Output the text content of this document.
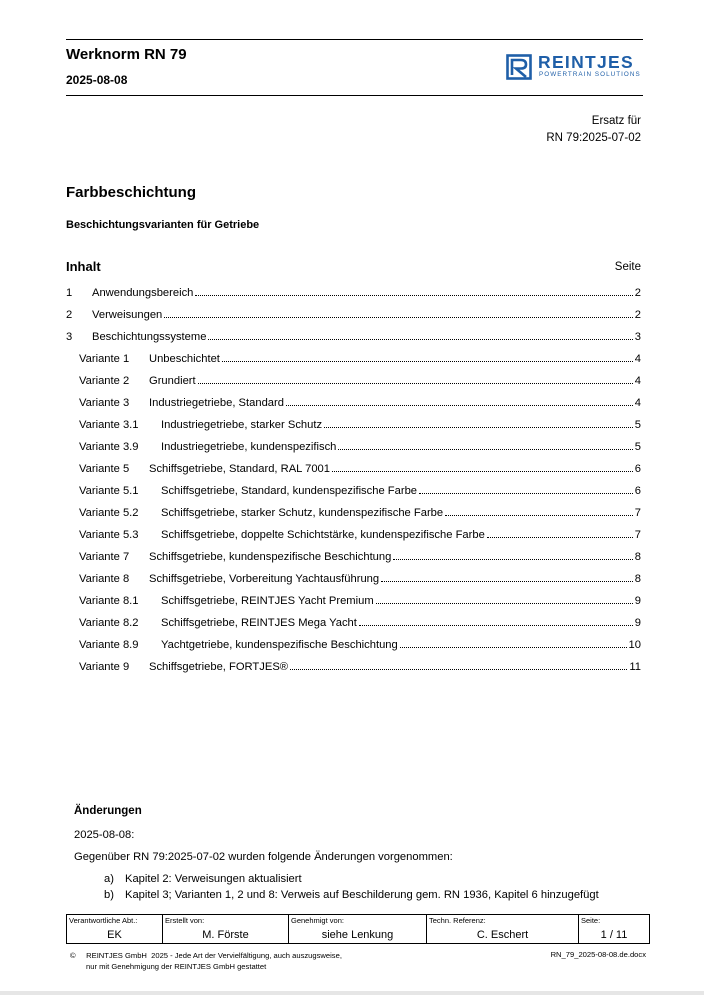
Werknorm RN 79
2025-08-08
REINTJES
POWERTRAIN SOLUTIONS
Ersatz für
RN 79:2025-07-02
Farbbeschichtung
Beschichtungsvarianten für Getriebe
Inhalt	Seite
1	Anwendungsbereich	2
2	Verweisungen	2
3	Beschichtungssysteme	3
Variante 1	Unbeschichtet	4
Variante 2	Grundiert	4
Variante 3	Industriegetriebe, Standard	4
Variante 3.1	Industriegetriebe, starker Schutz	5
Variante 3.9	Industriegetriebe, kundenspezifisch	5
Variante 5	Schiffsgetriebe, Standard, RAL 7001	6
Variante 5.1	Schiffsgetriebe, Standard, kundenspezifische Farbe	6
Variante 5.2	Schiffsgetriebe, starker Schutz, kundenspezifische Farbe	7
Variante 5.3	Schiffsgetriebe, doppelte Schichtstärke, kundenspezifische Farbe	7
Variante 7	Schiffsgetriebe, kundenspezifische Beschichtung	8
Variante 8	Schiffsgetriebe, Vorbereitung Yachtausführung	8
Variante 8.1	Schiffsgetriebe, REINTJES Yacht Premium	9
Variante 8.2	Schiffsgetriebe, REINTJES Mega Yacht	9
Variante 8.9	Yachtgetriebe, kundenspezifische Beschichtung	10
Variante 9	Schiffsgetriebe, FORTJES®	11
Änderungen
2025-08-08:
Gegenüber RN 79:2025-07-02 wurden folgende Änderungen vorgenommen:
a) Kapitel 2: Verweisungen aktualisiert
b) Kapitel 3; Varianten 1, 2 und 8: Verweis auf Beschilderung gem. RN 1936, Kapitel 6 hinzugefügt
Verantwortliche Abt.:
EK
Erstellt von:
M. Förste
Genehmigt von:
siehe Lenkung
Techn. Referenz:
C. Eschert
Seite:
1 / 11
©     REINTJES GmbH  2025 - Jede Art der Vervielfältigung, auch auszugsweise,
nur mit Genehmigung der REINTJES GmbH gestattet
RN_79_2025-08-08.de.docx
